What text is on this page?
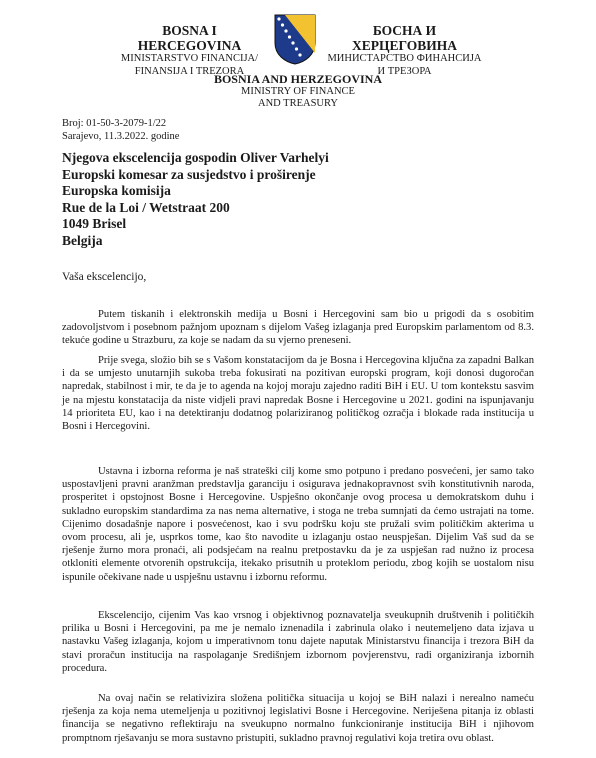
BOSNA I HERCEGOVINA
MINISTARSTVO FINANCIJA/
FINANSIJA I TREZORA
БОСНА И ХЕРЦЕГОВИНА
МИНИСТАРСТВО ФИНАНСИЈА
И ТРЕЗОРА
BOSNIA AND HERZEGOVINA
MINISTRY OF FINANCE
AND TREASURY
Broj: 01-50-3-2079-1/22
Sarajevo, 11.3.2022. godine
Njegova ekscelencija gospodin Oliver Varhelyi
Europski komesar za susjedstvo i proširenje
Europska komisija
Rue de la Loi / Wetstraat 200
1049 Brisel
Belgija
Vaša ekscelencijo,

Putem tiskanih i elektronskih medija u Bosni i Hercegovini sam bio u prigodi da s osobitim zadovoljstvom i posebnom pažnjom upoznam s dijelom Vašeg izlaganja pred Europskim parlamentom od 8.3. tekuće godine u Strazburu, za koje se nadam da su vjerno preneseni.

Prije svega, složio bih se s Vašom konstatacijom da je Bosna i Hercegovina ključna za zapadni Balkan i da se umjesto unutarnjih sukoba treba fokusirati na pozitivan europski program, koji donosi dugoročan napredak, stabilnost i mir, te da je to agenda na kojoj moraju zajedno raditi BiH i EU. U tom kontekstu sasvim je na mjestu konstatacija da niste vidjeli pravi napredak Bosne i Hercegovine u 2021. godini na ispunjavanju 14 prioriteta EU, kao i na detektiranju dodatnog polariziranog političkog ozračja i blokade rada institucija u Bosni i Hercegovini.

Ustavna i izborna reforma je naš strateški cilj kome smo potpuno i predano posvećeni, jer samo tako uspostavljeni pravni aranžman predstavlja garanciju i osigurava jednakopravnost svih konstitutivnih naroda, prosperitet i opstojnost Bosne i Hercegovine. Uspješno okončanje ovog procesa u demokratskom duhu i sukladno europskim standardima za nas nema alternative, i stoga ne treba sumnjati da ćemo ustrajati na tome. Cijenimo dosadašnje napore i posvećenost, kao i svu podršku koju ste pružali svim političkim akterima u ovom procesu, ali je, usprkos tome, kao što navodite u izlaganju ostao neuspješan. Dijelim Vaš sud da se rješenje žurno mora pronaći, ali podsjećam na realnu pretpostavku da je za uspješan rad nužno iz procesa otkloniti elemente otvorenih opstrukcija, itekako prisutnih u proteklom periodu, zbog kojih se uostalom nisu ispunile očekivane nade u uspješnu ustavnu i izbornu reformu.

Ekscelencijo, cijenim Vas kao vrsnog i objektivnog poznavatelja sveukupnih društvenih i političkih prilika u Bosni i Hercegovini, pa me je nemalo iznenadila i zabrinula olako i neutemeljeno data izjava u nastavku Vašeg izlaganja, kojom u imperativnom tonu dajete naputak Ministarstvu financija i trezora BiH da stavi proračun institucija na raspolaganje Središnjem izbornom povjerenstvu, radi organiziranja izbornih procedura.

Na ovaj način se relativizira složena politička situacija u kojoj se BiH nalazi i nerealno nameću rješenja za koja nema utemeljenja u pozitivnoj legislativi Bosne i Hercegovine. Neriješena pitanja iz oblasti financija se negativno reflektiraju na sveukupno normalno funkcioniranje institucija BiH i njihovom promptnom rješavanju se mora sustavno pristupiti, sukladno pravnoj regulativi koja tretira ovu oblast.
